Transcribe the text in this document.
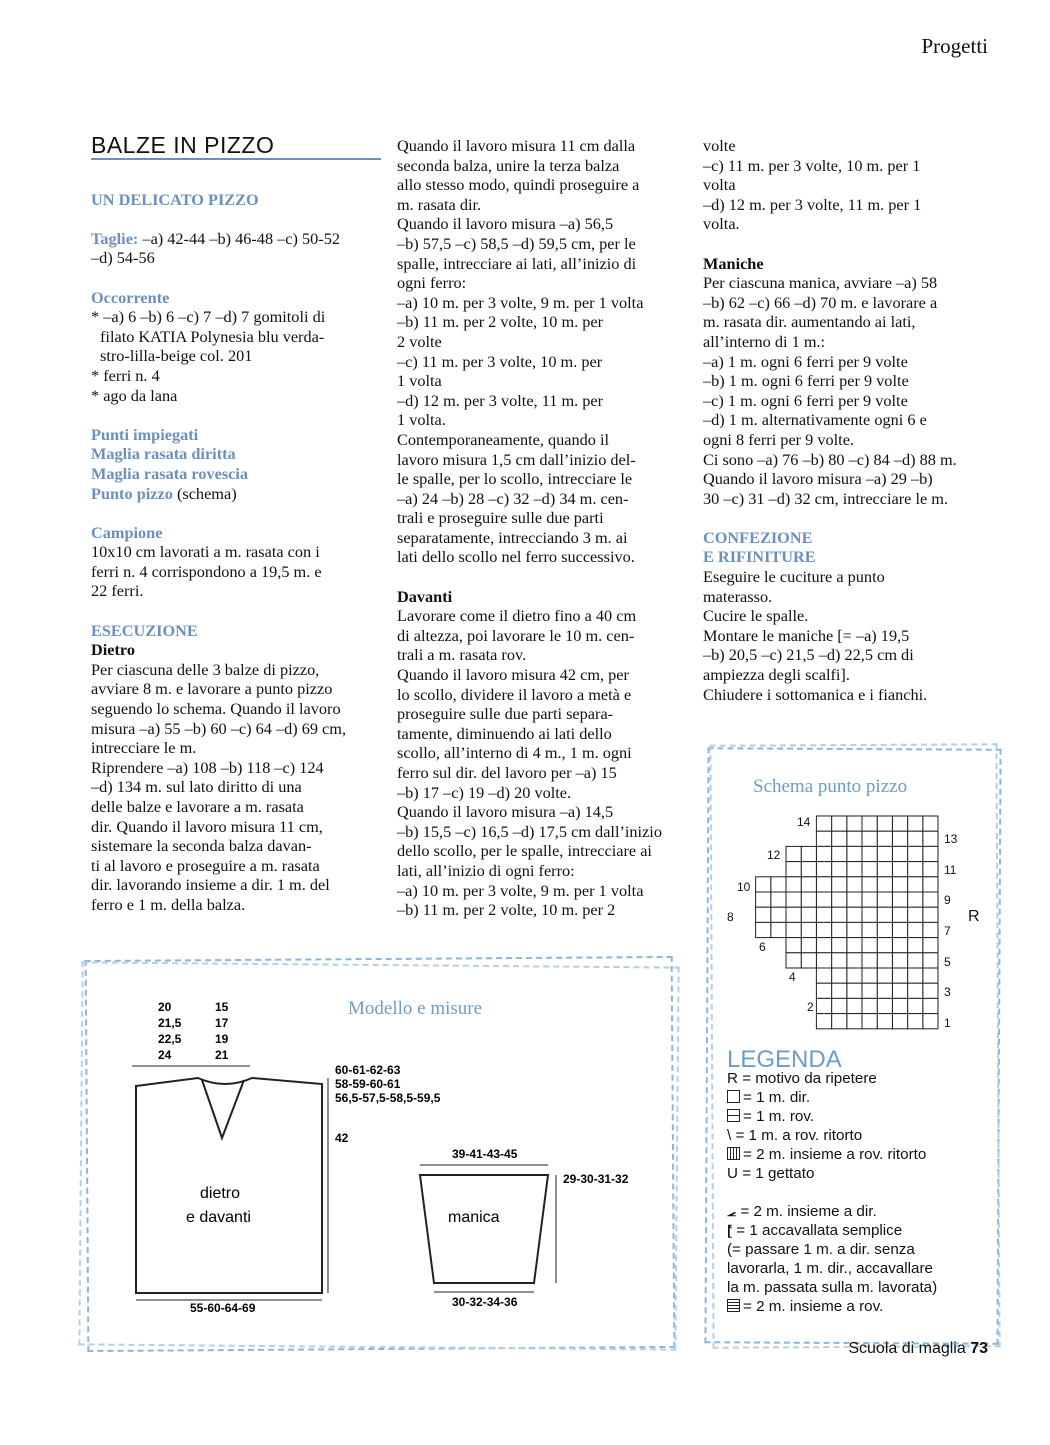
Progetti
BALZE IN PIZZO
UN DELICATO PIZZO
Taglie: –a) 42-44 –b) 46-48 –c) 50-52
–d) 54-56
Occorrente
* –a) 6 –b) 6 –c) 7 –d) 7 gomitoli di
filato KATIA Polynesia blu verda-
stro-lilla-beige col. 201
* ferri n. 4
* ago da lana
Punti impiegati
Maglia rasata diritta
Maglia rasata rovescia
Punto pizzo (schema)
Campione
10x10 cm lavorati a m. rasata con i
ferri n. 4 corrispondono a 19,5 m. e
22 ferri.
ESECUZIONE
Dietro
Per ciascuna delle 3 balze di pizzo,
avviare 8 m. e lavorare a punto pizzo
seguendo lo schema. Quando il lavoro
misura –a) 55 –b) 60 –c) 64 –d) 69 cm,
intrecciare le m.
Riprendere –a) 108 –b) 118 –c) 124
–d) 134 m. sul lato diritto di una
delle balze e lavorare a m. rasata
dir. Quando il lavoro misura 11 cm,
sistemare la seconda balza davan-
ti al lavoro e proseguire a m. rasata
dir. lavorando insieme a dir. 1 m. del
ferro e 1 m. della balza.
Quando il lavoro misura 11 cm dalla
seconda balza, unire la terza balza
allo stesso modo, quindi proseguire a
m. rasata dir.
Quando il lavoro misura –a) 56,5
–b) 57,5 –c) 58,5 –d) 59,5 cm, per le
spalle, intrecciare ai lati, all’inizio di
ogni ferro:
–a) 10 m. per 3 volte, 9 m. per 1 volta
–b) 11 m. per 2 volte, 10 m. per
2 volte
–c) 11 m. per 3 volte, 10 m. per
1 volta
–d) 12 m. per 3 volte, 11 m. per
1 volta.
Contemporaneamente, quando il
lavoro misura 1,5 cm dall’inizio del-
le spalle, per lo scollo, intrecciare le
–a) 24 –b) 28 –c) 32 –d) 34 m. cen-
trali e proseguire sulle due parti
separatamente, intrecciando 3 m. ai
lati dello scollo nel ferro successivo.
Davanti
Lavorare come il dietro fino a 40 cm
di altezza, poi lavorare le 10 m. cen-
trali a m. rasata rov.
Quando il lavoro misura 42 cm, per
lo scollo, dividere il lavoro a metà e
proseguire sulle due parti separa-
tamente, diminuendo ai lati dello
scollo, all’interno di 4 m., 1 m. ogni
ferro sul dir. del lavoro per –a) 15
–b) 17 –c) 19 –d) 20 volte.
Quando il lavoro misura –a) 14,5
–b) 15,5 –c) 16,5 –d) 17,5 cm dall’inizio
dello scollo, per le spalle, intrecciare ai
lati, all’inizio di ogni ferro:
–a) 10 m. per 3 volte, 9 m. per 1 volta
–b) 11 m. per 2 volte, 10 m. per 2
volte
–c) 11 m. per 3 volte, 10 m. per 1
volta
–d) 12 m. per 3 volte, 11 m. per 1
volta.
Maniche
Per ciascuna manica, avviare –a) 58
–b) 62 –c) 66 –d) 70 m. e lavorare a
m. rasata dir. aumentando ai lati,
all’interno di 1 m.:
–a) 1 m. ogni 6 ferri per 9 volte
–b) 1 m. ogni 6 ferri per 9 volte
–c) 1 m. ogni 6 ferri per 9 volte
–d) 1 m. alternativamente ogni 6 e
ogni 8 ferri per 9 volte.
Ci sono –a) 76 –b) 80 –c) 84 –d) 88 m.
Quando il lavoro misura –a) 29 –b)
30 –c) 31 –d) 32 cm, intrecciare le m.
CONFEZIONE
E RIFINITURE
Eseguire le cuciture a punto
materasso.
Cucire le spalle.
Montare le maniche [= –a) 19,5
–b) 20,5 –c) 21,5 –d) 22,5 cm di
ampiezza degli scalfi].
Chiudere i sottomanica e i fianchi.
Modello e misure
20
21,5
22,5
24
15
17
19
21
dietro
e davanti
60-61-62-63
58-59-60-61
56,5-57,5-58,5-59,5
42
55-60-64-69
39-41-43-45
manica
29-30-31-32
30-32-34-36
Schema punto pizzo
14
12
10
8
6
4
2
13
11
9
7
5
3
1
R
LEGENDA
R = motivo da ripetere
= 1 m. dir.
= 1 m. rov.
\ = 1 m. a rov. ritorto
= 2 m. insieme a rov. ritorto
U = 1 gettato
⦟ = 2 m. insieme a dir.
⦍ = 1 accavallata semplice
(= passare 1 m. a dir. senza
lavorarla, 1 m. dir., accavallare
la m. passata sulla m. lavorata)
= 2 m. insieme a rov.
Scuola di maglia 73
